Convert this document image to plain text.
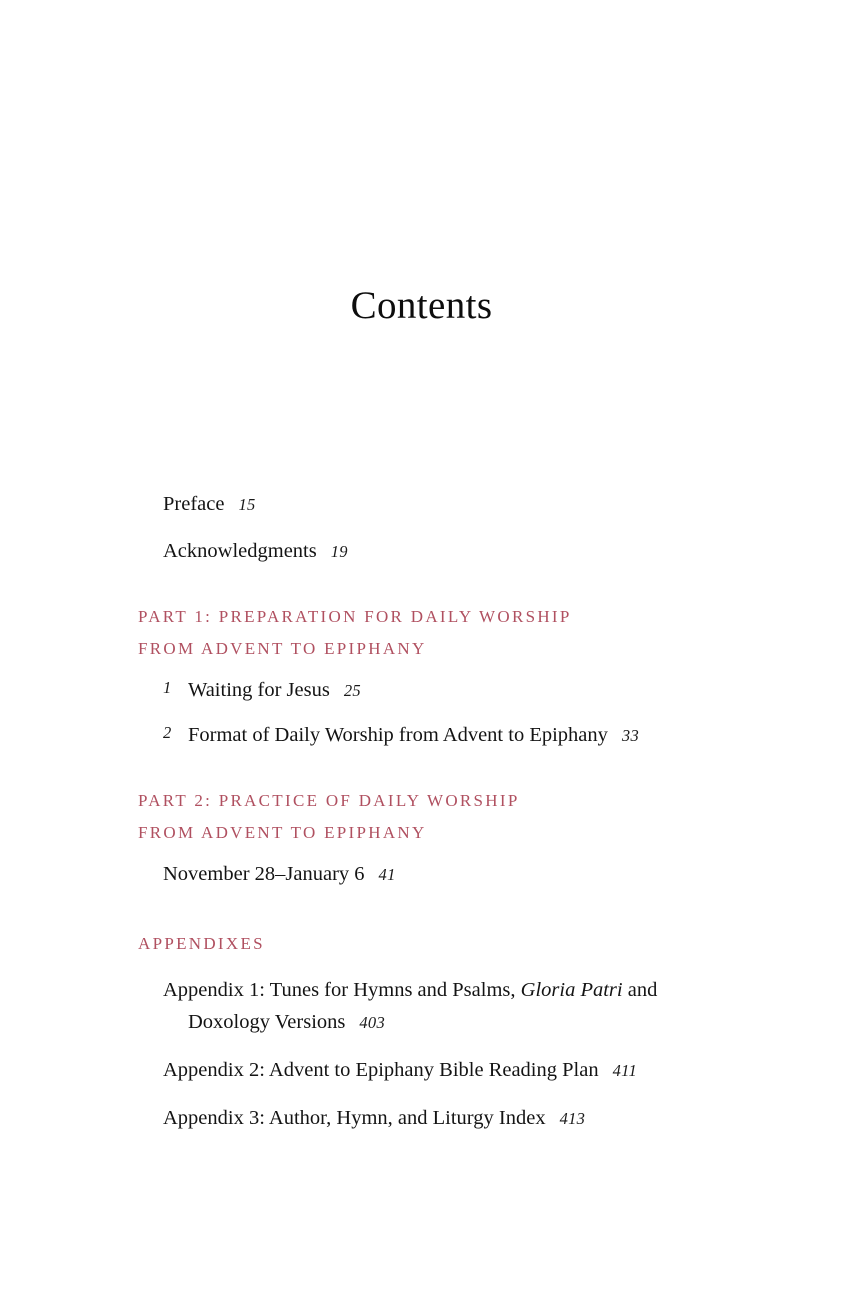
Contents
Preface 15
Acknowledgments 19
PART 1: PREPARATION FOR DAILY WORSHIP
FROM ADVENT TO EPIPHANY
1 Waiting for Jesus 25
2 Format of Daily Worship from Advent to Epiphany 33
PART 2: PRACTICE OF DAILY WORSHIP
FROM ADVENT TO EPIPHANY
November 28–January 6 41
APPENDIXES
Appendix 1: Tunes for Hymns and Psalms, Gloria Patri and Doxology Versions 403
Appendix 2: Advent to Epiphany Bible Reading Plan 411
Appendix 3: Author, Hymn, and Liturgy Index 413
